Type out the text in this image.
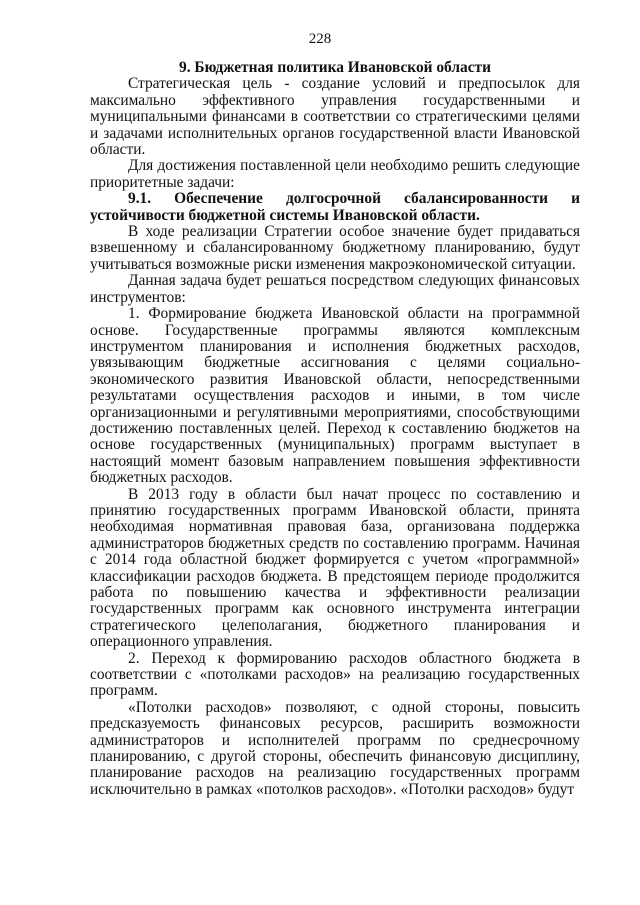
228
9. Бюджетная политика Ивановской области

Стратегическая цель - создание условий и предпосылок для максимально эффективного управления государственными и муниципальными финансами в соответствии со стратегическими целями и задачами исполнительных органов государственной власти Ивановской области.

Для достижения поставленной цели необходимо решить следующие приоритетные задачи:

9.1. Обеспечение долгосрочной сбалансированности и устойчивости бюджетной системы Ивановской области.

В ходе реализации Стратегии особое значение будет придаваться взвешенному и сбалансированному бюджетному планированию, будут учитываться возможные риски изменения макроэкономической ситуации.

Данная задача будет решаться посредством следующих финансовых инструментов:

1. Формирование бюджета Ивановской области на программной основе. Государственные программы являются комплексным инструментом планирования и исполнения бюджетных расходов, увязывающим бюджетные ассигнования с целями социально-экономического развития Ивановской области, непосредственными результатами осуществления расходов и иными, в том числе организационными и регулятивными мероприятиями, способствующими достижению поставленных целей. Переход к составлению бюджетов на основе государственных (муниципальных) программ выступает в настоящий момент базовым направлением повышения эффективности бюджетных расходов.

В 2013 году в области был начат процесс по составлению и принятию государственных программ Ивановской области, принята необходимая нормативная правовая база, организована поддержка администраторов бюджетных средств по составлению программ. Начиная с 2014 года областной бюджет формируется с учетом «программной» классификации расходов бюджета. В предстоящем периоде продолжится работа по повышению качества и эффективности реализации государственных программ как основного инструмента интеграции стратегического целеполагания, бюджетного планирования и операционного управления.

2. Переход к формированию расходов областного бюджета в соответствии с «потолками расходов» на реализацию государственных программ.

«Потолки расходов» позволяют, с одной стороны, повысить предсказуемость финансовых ресурсов, расширить возможности администраторов и исполнителей программ по среднесрочному планированию, с другой стороны, обеспечить финансовую дисциплину, планирование расходов на реализацию государственных программ исключительно в рамках «потолков расходов». «Потолки расходов» будут
